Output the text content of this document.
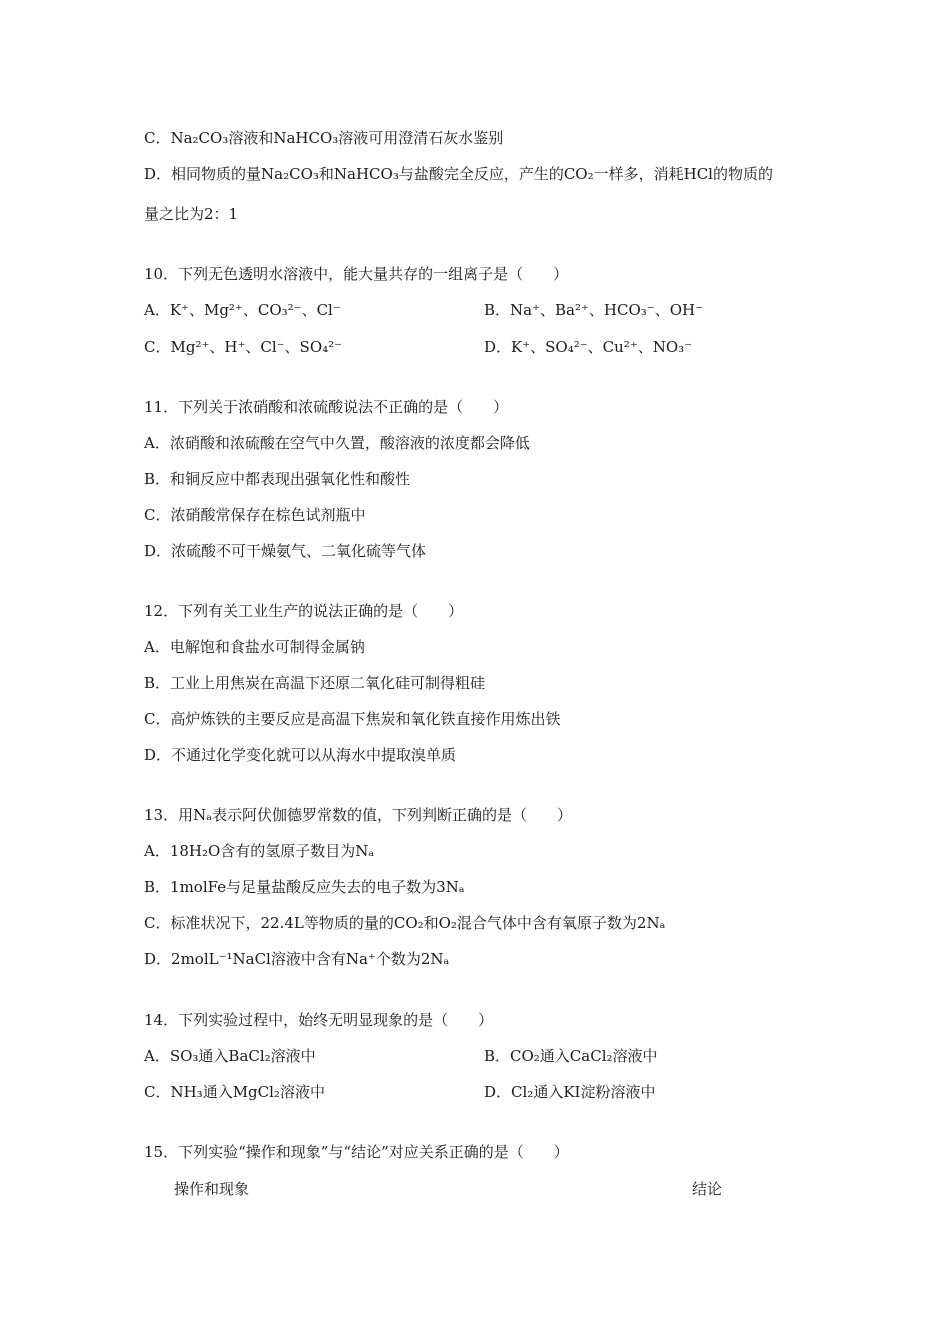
C．Na₂CO₃溶液和NaHCO₃溶液可用澄清石灰水鉴别
D．相同物质的量Na₂CO₃和NaHCO₃与盐酸完全反应，产生的CO₂一样多，消耗HCl的物质的
量之比为2：1
10．下列无色透明水溶液中，能大量共存的一组离子是（　　）
A．K⁺、Mg²⁺、CO₃²⁻、Cl⁻	B．Na⁺、Ba²⁺、HCO₃⁻、OH⁻
C．Mg²⁺、H⁺、Cl⁻、SO₄²⁻	D．K⁺、SO₄²⁻、Cu²⁺、NO₃⁻
11．下列关于浓硝酸和浓硫酸说法不正确的是（　　）
A．浓硝酸和浓硫酸在空气中久置，酸溶液的浓度都会降低
B．和铜反应中都表现出强氧化性和酸性
C．浓硝酸常保存在棕色试剂瓶中
D．浓硫酸不可干燥氨气、二氧化硫等气体
12．下列有关工业生产的说法正确的是（　　）
A．电解饱和食盐水可制得金属钠
B．工业上用焦炭在高温下还原二氧化硅可制得粗硅
C．高炉炼铁的主要反应是高温下焦炭和氧化铁直接作用炼出铁
D．不通过化学变化就可以从海水中提取溴单质
13．用Nₐ表示阿伏伽德罗常数的值，下列判断正确的是（　　）
A．18H₂O含有的氢原子数目为Nₐ
B．1molFe与足量盐酸反应失去的电子数为3Nₐ
C．标准状况下，22.4L等物质的量的CO₂和O₂混合气体中含有氧原子数为2Nₐ
D．2molL⁻¹NaCl溶液中含有Na⁺个数为2Nₐ
14．下列实验过程中，始终无明显现象的是（　　）
A．SO₃通入BaCl₂溶液中	B．CO₂通入CaCl₂溶液中
C．NH₃通入MgCl₂溶液中	D．Cl₂通入KI淀粉溶液中
15．下列实验“操作和现象”与“结论”对应关系正确的是（　　）
操作和现象	结论
